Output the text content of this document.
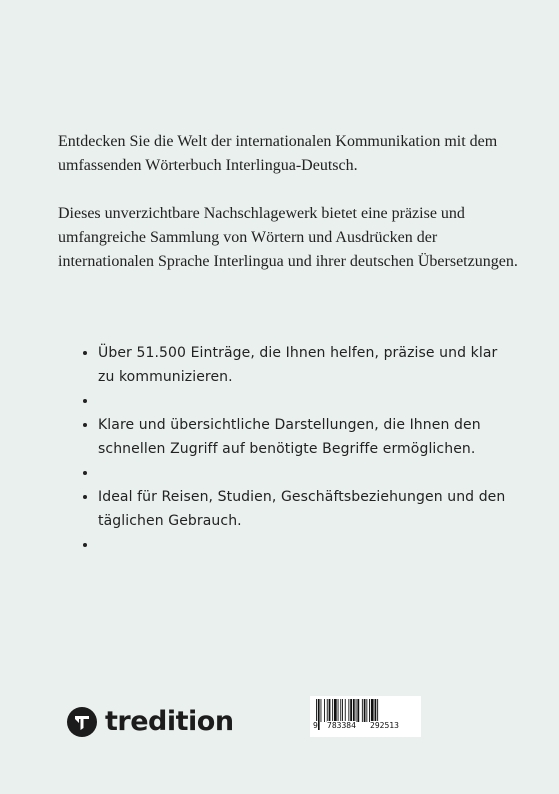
Entdecken Sie die Welt der internationalen Kommunikation mit dem umfassenden Wörterbuch Interlingua-Deutsch.

Dieses unverzichtbare Nachschlagewerk bietet eine präzise und umfangreiche Sammlung von Wörtern und Ausdrücken der internationalen Sprache Interlingua und ihrer deutschen Übersetzungen.

• Über 51.500 Einträge, die Ihnen helfen, präzise und klar zu kommunizieren.
•
• Klare und übersichtliche Darstellungen, die Ihnen den schnellen Zugriff auf benötigte Begriffe ermöglichen.
•
• Ideal für Reisen, Studien, Geschäftsbeziehungen und den täglichen Gebrauch.
•
tredition	9 783384 292513
